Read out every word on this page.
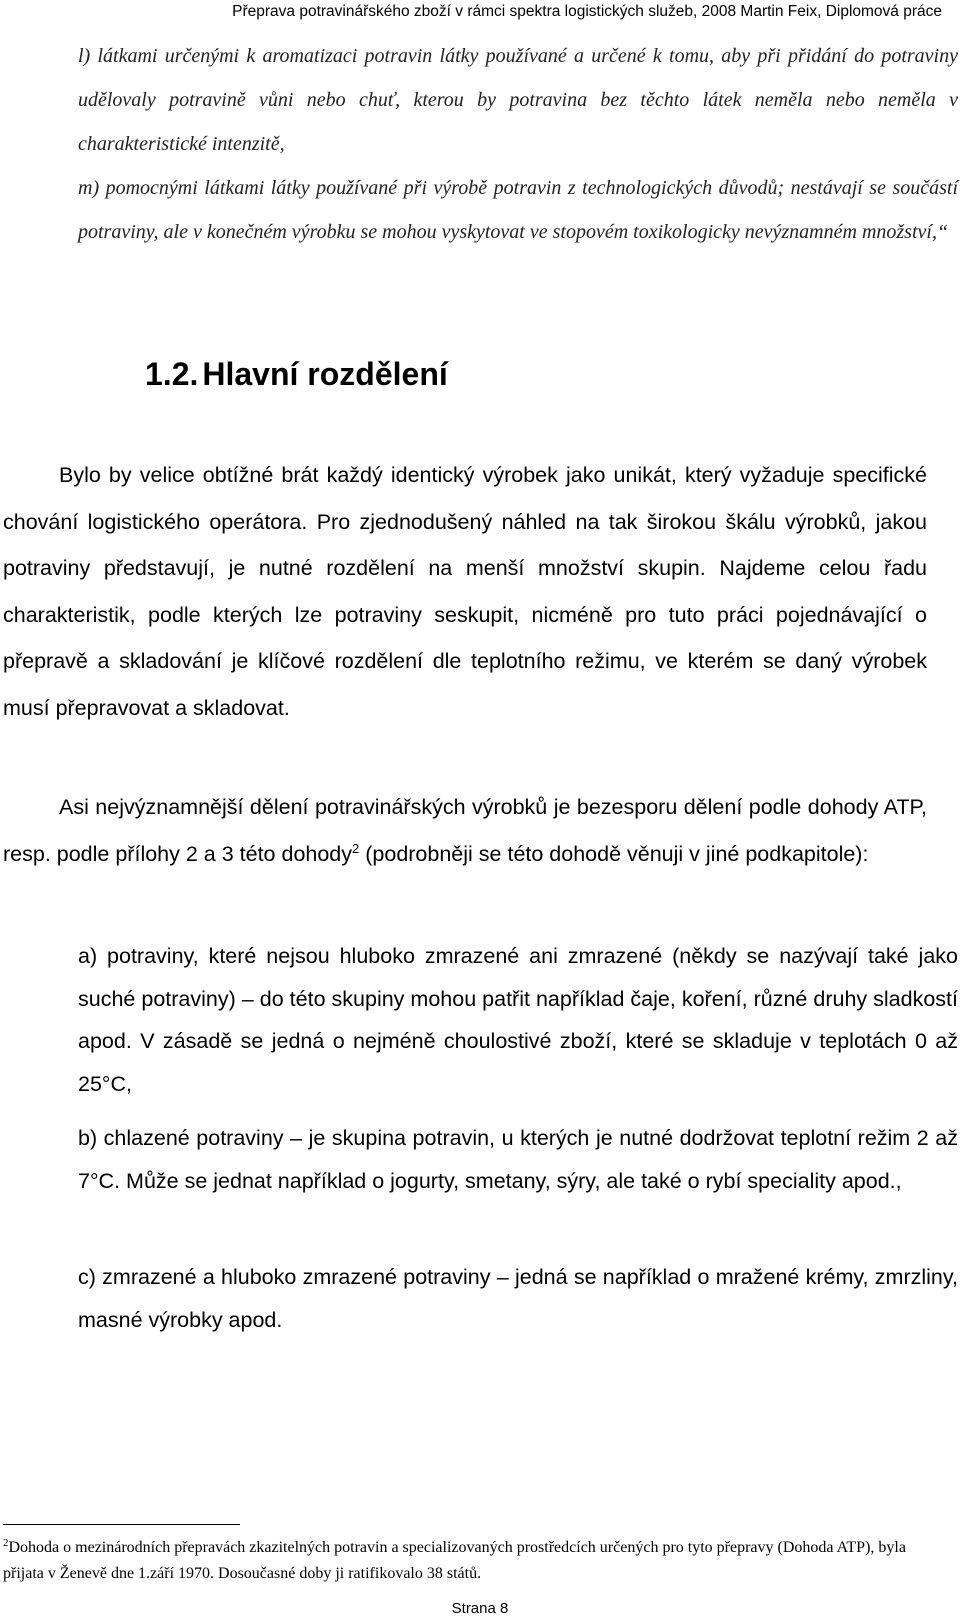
Přeprava potravinářského zboží v rámci spektra logistických služeb, 2008 Martin Feix, Diplomová práce
l) látkami určenými k aromatizaci potravin látky používané a určené k tomu, aby při přidání do potraviny udělovaly potravině vůni nebo chuť, kterou by potravina bez těchto látek neměla nebo neměla v charakteristické intenzitě,
m) pomocnými látkami látky používané při výrobě potravin z technologických důvodů; nestávají se součástí potraviny, ale v konečném výrobku se mohou vyskytovat ve stopovém toxikologicky nevýznamném množství,“
1.2. Hlavní rozdělení
Bylo by velice obtížné brát každý identický výrobek jako unikát, který vyžaduje specifické chování logistického operátora. Pro zjednodušený náhled na tak širokou škálu výrobků, jakou potraviny představují, je nutné rozdělení na menší množství skupin. Najdeme celou řadu charakteristik, podle kterých lze potraviny seskupit, nicméně pro tuto práci pojednávající o přepravě a skladování je klíčové rozdělení dle teplotního režimu, ve kterém se daný výrobek musí přepravovat a skladovat.
Asi nejvýznamnější dělení potravinářských výrobků je bezesporu dělení podle dohody ATP, resp. podle přílohy 2 a 3 této dohody$^2$ (podrobněji se této dohodě věnuji v jiné podkapitole):
a) potraviny, které nejsou hluboko zmrazené ani zmrazené (někdy se nazývají také jako suché potraviny) – do této skupiny mohou patřit například čaje, koření, různé druhy sladkostí apod. V zásadě se jedná o nejméně choulostivé zboží, které se skladuje v teplotách 0 až 25°C,
b) chlazené potraviny – je skupina potravin, u kterých je nutné dodržovat teplotní režim 2 až 7°C. Může se jednat například o jogurty, smetany, sýry, ale také o rybí speciality apod.,
c) zmrazené a hluboko zmrazené potraviny – jedná se například o mražené krémy, zmrzliny, masné výrobky apod.
$^2$Dohoda o mezinárodních přepravách zkazitelných potravin a specializovaných prostředcích určených pro tyto přepravy (Dohoda ATP), byla přijata v Ženevě dne 1.září 1970. Dosoučasné doby ji ratifikovalo 38 států.
Strana 8
